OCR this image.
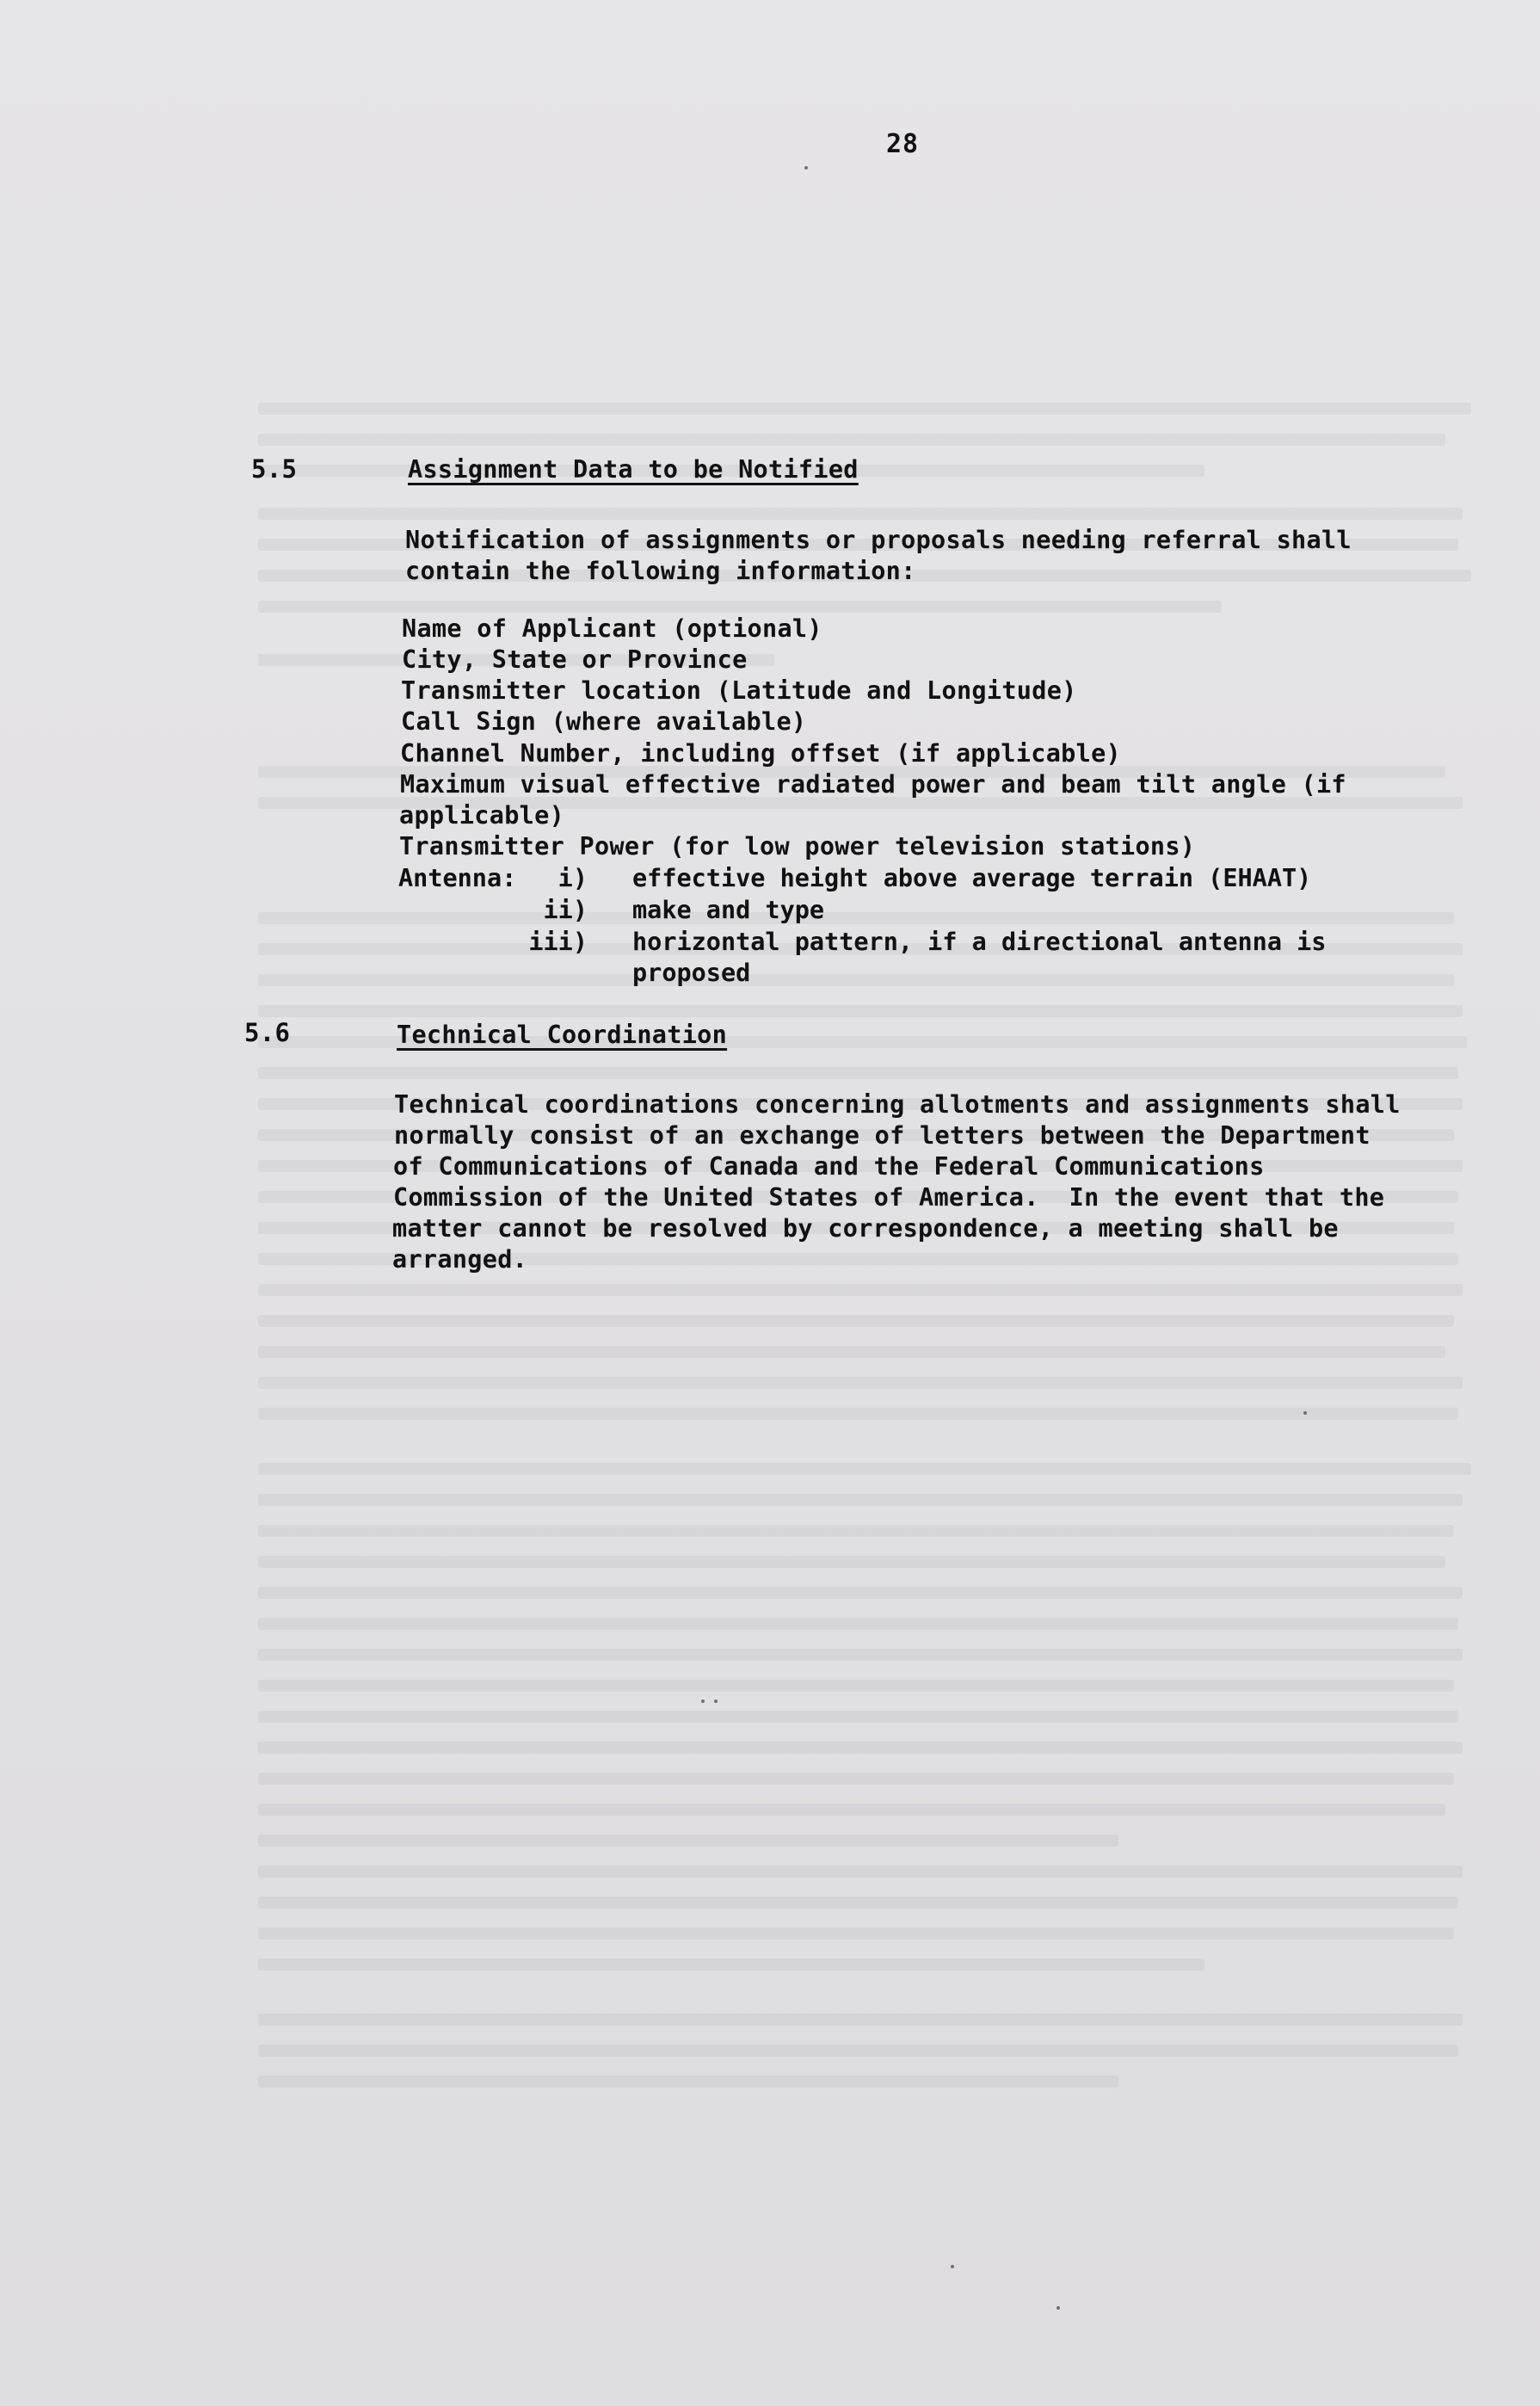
28
5.5	Assignment Data to be Notified
Notification of assignments or proposals needing referral shall
contain the following information:
Name of Applicant (optional)
City, State or Province
Transmitter location (Latitude and Longitude)
Call Sign (where available)
Channel Number, including offset (if applicable)
Maximum visual effective radiated power and beam tilt angle (if
applicable)
Transmitter Power (for low power television stations)
Antenna:	i) effective height above average terrain (EHAAT)
ii) make and type
iii) horizontal pattern, if a directional antenna is
proposed
5.6	Technical Coordination
Technical coordinations concerning allotments and assignments shall
normally consist of an exchange of letters between the Department
of Communications of Canada and the Federal Communications
Commission of the United States of America.  In the event that the
matter cannot be resolved by correspondence, a meeting shall be
arranged.
